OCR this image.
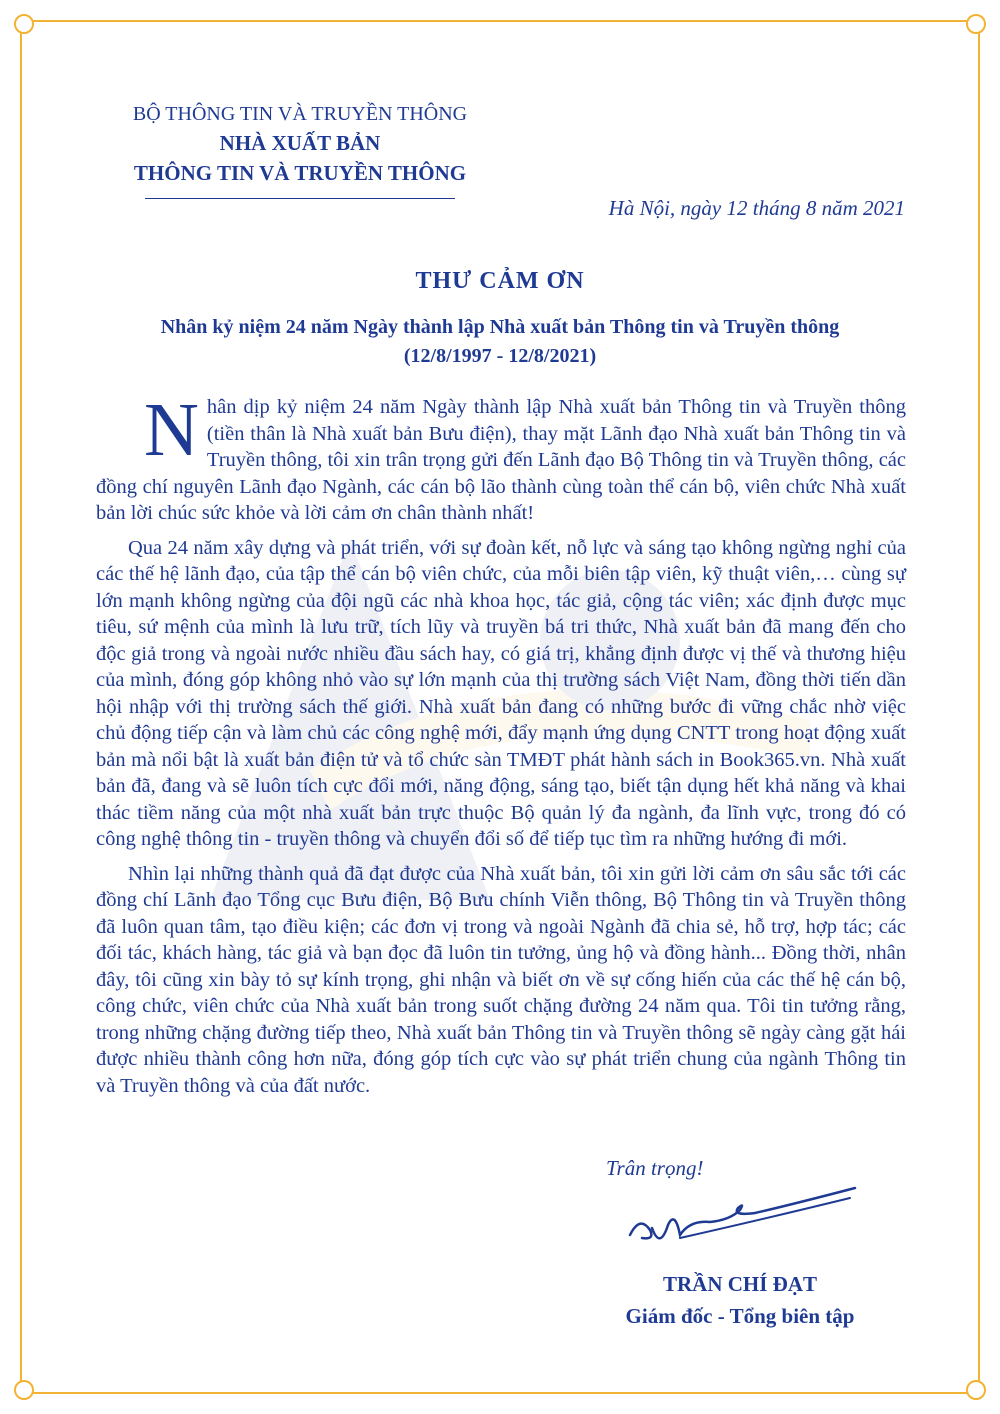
BỘ THÔNG TIN VÀ TRUYỀN THÔNG
NHÀ XUẤT BẢN
THÔNG TIN VÀ TRUYỀN THÔNG
Hà Nội, ngày 12 tháng 8 năm 2021
THƯ CẢM ƠN
Nhân kỷ niệm 24 năm Ngày thành lập Nhà xuất bản Thông tin và Truyền thông
(12/8/1997 - 12/8/2021)

Nhân dịp kỷ niệm 24 năm Ngày thành lập Nhà xuất bản Thông tin và Truyền thông (tiền thân là Nhà xuất bản Bưu điện), thay mặt Lãnh đạo Nhà xuất bản Thông tin và Truyền thông, tôi xin trân trọng gửi đến Lãnh đạo Bộ Thông tin và Truyền thông, các đồng chí nguyên Lãnh đạo Ngành, các cán bộ lão thành cùng toàn thể cán bộ, viên chức Nhà xuất bản lời chúc sức khỏe và lời cảm ơn chân thành nhất!

Qua 24 năm xây dựng và phát triển, với sự đoàn kết, nỗ lực và sáng tạo không ngừng nghỉ của các thế hệ lãnh đạo, của tập thể cán bộ viên chức, của mỗi biên tập viên, kỹ thuật viên,… cùng sự lớn mạnh không ngừng của đội ngũ các nhà khoa học, tác giả, cộng tác viên; xác định được mục tiêu, sứ mệnh của mình là lưu trữ, tích lũy và truyền bá tri thức, Nhà xuất bản đã mang đến cho độc giả trong và ngoài nước nhiều đầu sách hay, có giá trị, khẳng định được vị thế và thương hiệu của mình, đóng góp không nhỏ vào sự lớn mạnh của thị trường sách Việt Nam, đồng thời tiến dần hội nhập với thị trường sách thế giới. Nhà xuất bản đang có những bước đi vững chắc nhờ việc chủ động tiếp cận và làm chủ các công nghệ mới, đẩy mạnh ứng dụng CNTT trong hoạt động xuất bản mà nổi bật là xuất bản điện tử và tổ chức sàn TMĐT phát hành sách in Book365.vn. Nhà xuất bản đã, đang và sẽ luôn tích cực đổi mới, năng động, sáng tạo, biết tận dụng hết khả năng và khai thác tiềm năng của một nhà xuất bản trực thuộc Bộ quản lý đa ngành, đa lĩnh vực, trong đó có công nghệ thông tin - truyền thông và chuyển đổi số để tiếp tục tìm ra những hướng đi mới.

Nhìn lại những thành quả đã đạt được của Nhà xuất bản, tôi xin gửi lời cảm ơn sâu sắc tới các đồng chí Lãnh đạo Tổng cục Bưu điện, Bộ Bưu chính Viễn thông, Bộ Thông tin và Truyền thông đã luôn quan tâm, tạo điều kiện; các đơn vị trong và ngoài Ngành đã chia sẻ, hỗ trợ, hợp tác; các đối tác, khách hàng, tác giả và bạn đọc đã luôn tin tưởng, ủng hộ và đồng hành... Đồng thời, nhân đây, tôi cũng xin bày tỏ sự kính trọng, ghi nhận và biết ơn về sự cống hiến của các thế hệ cán bộ, công chức, viên chức của Nhà xuất bản trong suốt chặng đường 24 năm qua. Tôi tin tưởng rằng, trong những chặng đường tiếp theo, Nhà xuất bản Thông tin và Truyền thông sẽ ngày càng gặt hái được nhiều thành công hơn nữa, đóng góp tích cực vào sự phát triển chung của ngành Thông tin và Truyền thông và của đất nước.

Trân trọng!
TRẦN CHÍ ĐẠT
Giám đốc - Tổng biên tập
